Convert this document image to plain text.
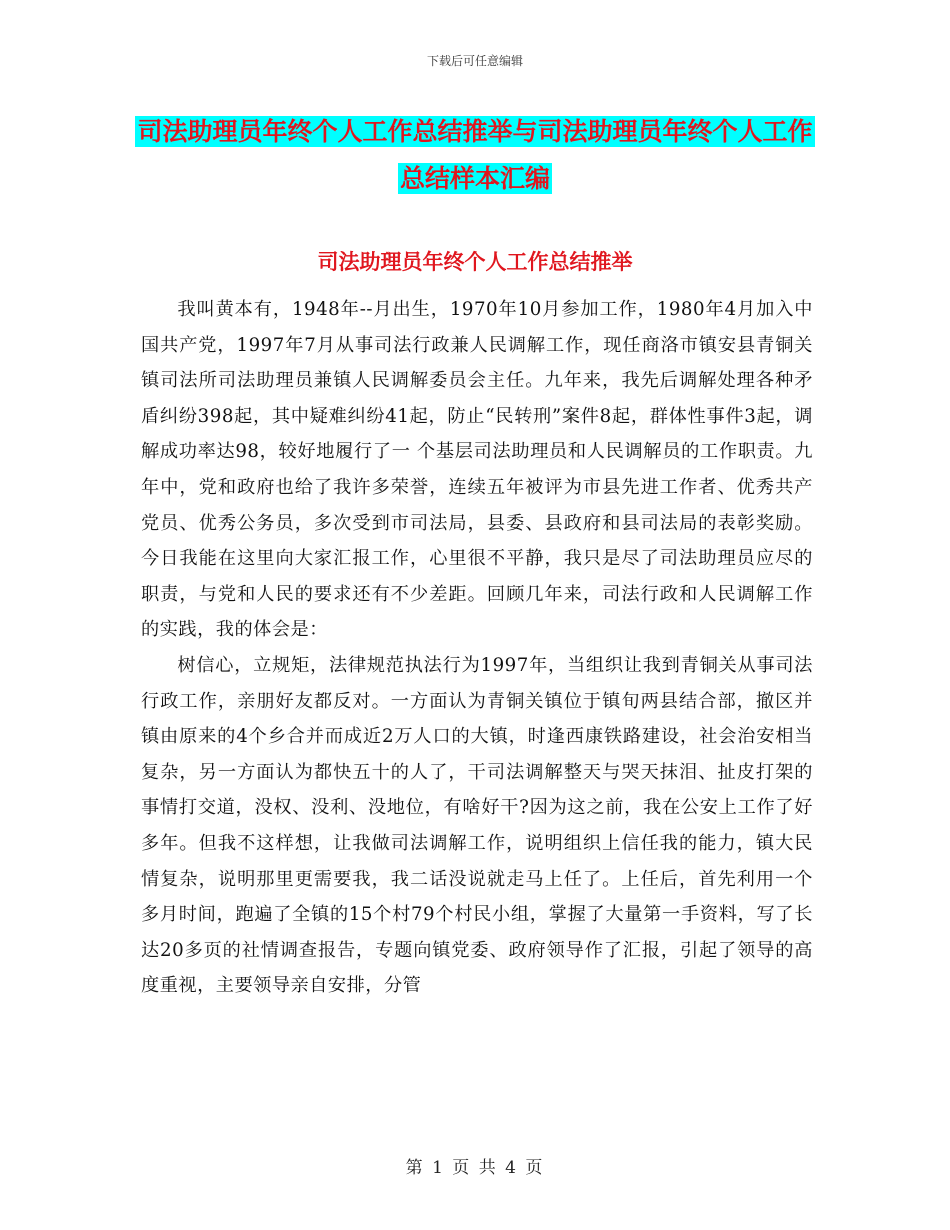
下载后可任意编辑
司法助理员年终个人工作总结推举与司法助理员年终个人工作总结样本汇编
司法助理员年终个人工作总结推举

我叫黄本有，1948年--月出生，1970年10月参加工作，1980年4月加入中国共产党，1997年7月从事司法行政兼人民调解工作，现任商洛市镇安县青铜关镇司法所司法助理员兼镇人民调解委员会主任。九年来，我先后调解处理各种矛盾纠纷398起，其中疑难纠纷41起，防止“民转刑”案件8起，群体性事件3起，调解成功率达98，较好地履行了一 个基层司法助理员和人民调解员的工作职责。九年中，党和政府也给了我许多荣誉，连续五年被评为市县先进工作者、优秀共产党员、优秀公务员，多次受到市司法局，县委、县政府和县司法局的表彰奖励。今日我能在这里向大家汇报工作，心里很不平静，我只是尽了司法助理员应尽的职责，与党和人民的要求还有不少差距。回顾几年来，司法行政和人民调解工作的实践，我的体会是：

树信心，立规矩，法律规范执法行为1997年，当组织让我到青铜关从事司法行政工作，亲朋好友都反对。一方面认为青铜关镇位于镇旬两县结合部，撤区并镇由原来的4个乡合并而成近2万人口的大镇，时逢西康铁路建设，社会治安相当复杂，另一方面认为都快五十的人了，干司法调解整天与哭天抹泪、扯皮打架的事情打交道，没权、没利、没地位，有啥好干?因为这之前，我在公安上工作了好多年。但我不这样想，让我做司法调解工作，说明组织上信任我的能力，镇大民情复杂，说明那里更需要我，我二话没说就走马上任了。上任后，首先利用一个多月时间，跑遍了全镇的15个村79个村民小组，掌握了大量第一手资料，写了长达20多页的社情调查报告，专题向镇党委、政府领导作了汇报，引起了领导的高度重视，主要领导亲自安排，分管

第 1 页 共 4 页
